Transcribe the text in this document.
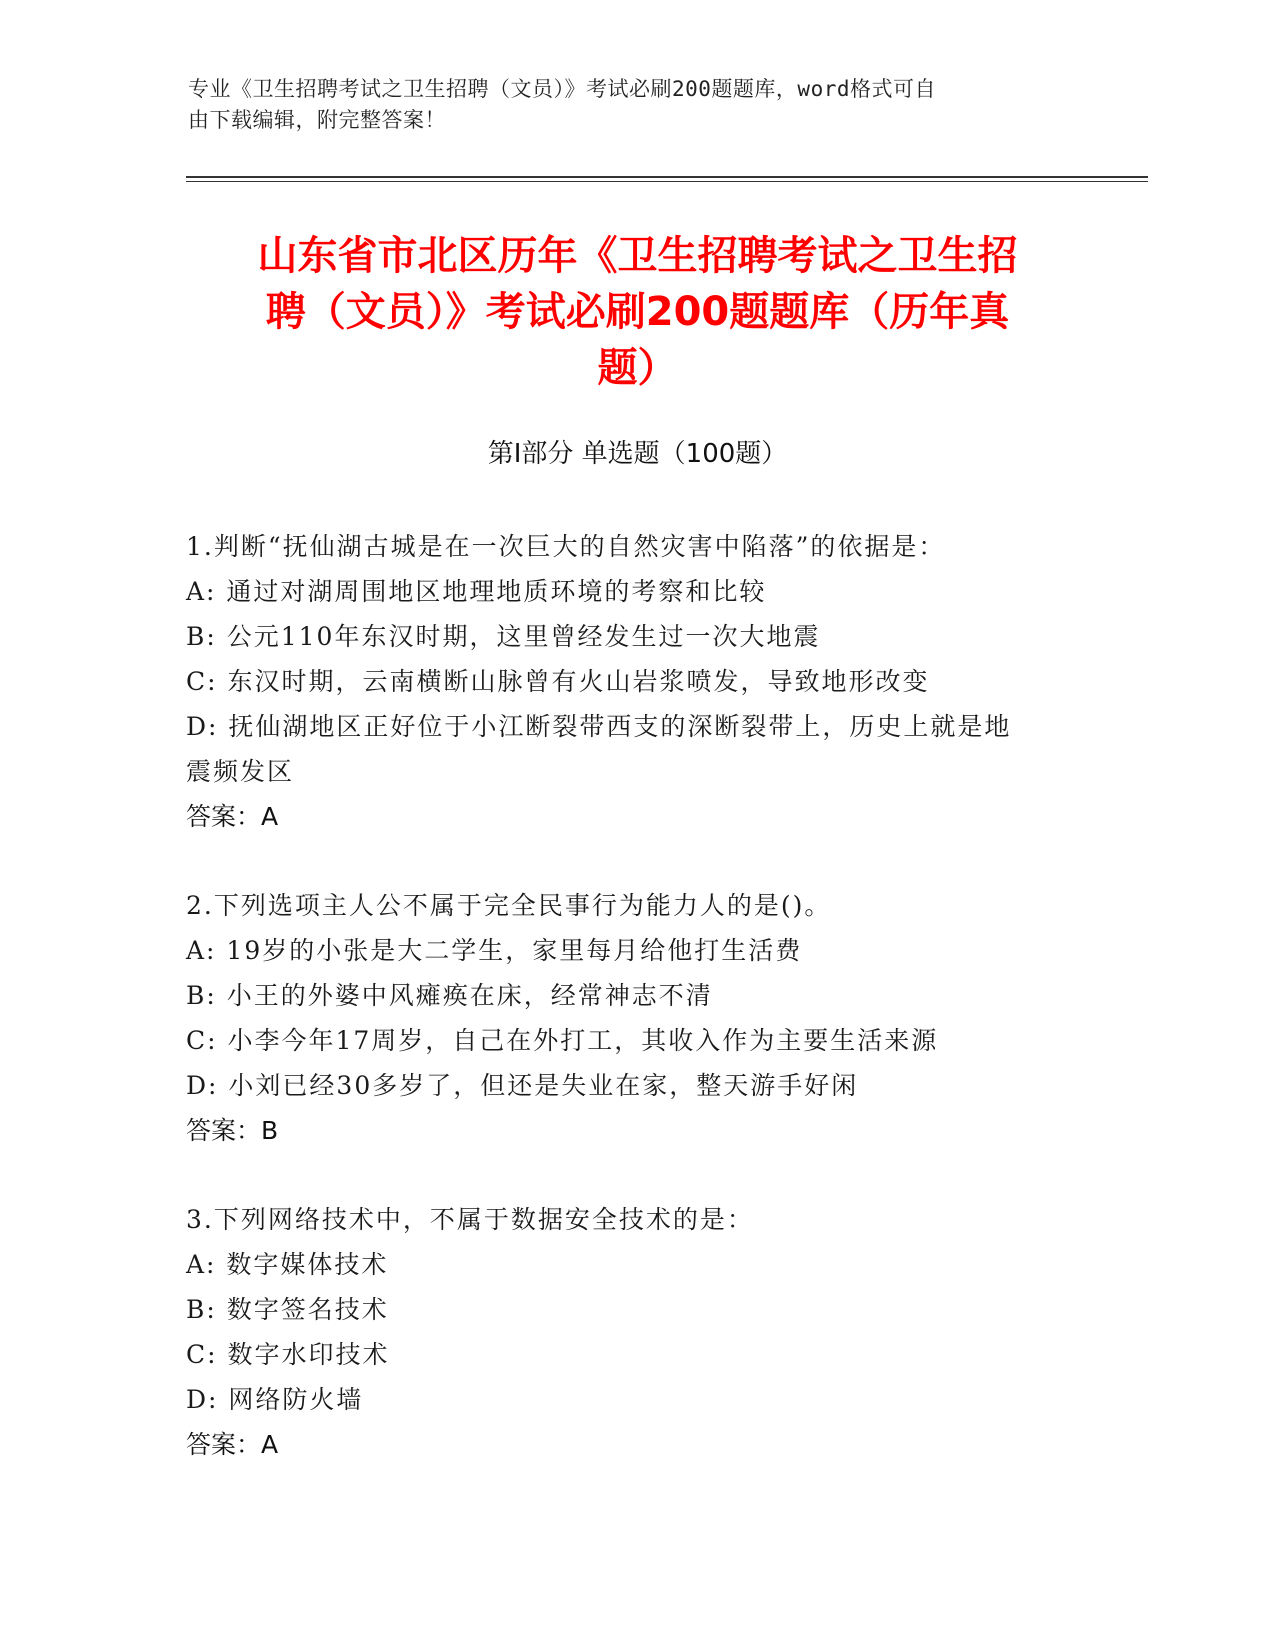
专业《卫生招聘考试之卫生招聘（文员）》考试必刷200题题库，word格式可自
由下载编辑，附完整答案！
山东省市北区历年《卫生招聘考试之卫生招
聘（文员）》考试必刷200题题库（历年真
题）
第I部分 单选题（100题）
1.判断“抚仙湖古城是在一次巨大的自然灾害中陷落”的依据是：
A: 通过对湖周围地区地理地质环境的考察和比较
B: 公元110年东汉时期，这里曾经发生过一次大地震
C: 东汉时期，云南横断山脉曾有火山岩浆喷发，导致地形改变
D: 抚仙湖地区正好位于小江断裂带西支的深断裂带上，历史上就是地
震频发区
答案：A
2.下列选项主人公不属于完全民事行为能力人的是()。
A: 19岁的小张是大二学生，家里每月给他打生活费
B: 小王的外婆中风瘫痪在床，经常神志不清
C: 小李今年17周岁，自己在外打工，其收入作为主要生活来源
D: 小刘已经30多岁了，但还是失业在家，整天游手好闲
答案：B
3.下列网络技术中，不属于数据安全技术的是：
A: 数字媒体技术
B: 数字签名技术
C: 数字水印技术
D: 网络防火墙
答案：A
